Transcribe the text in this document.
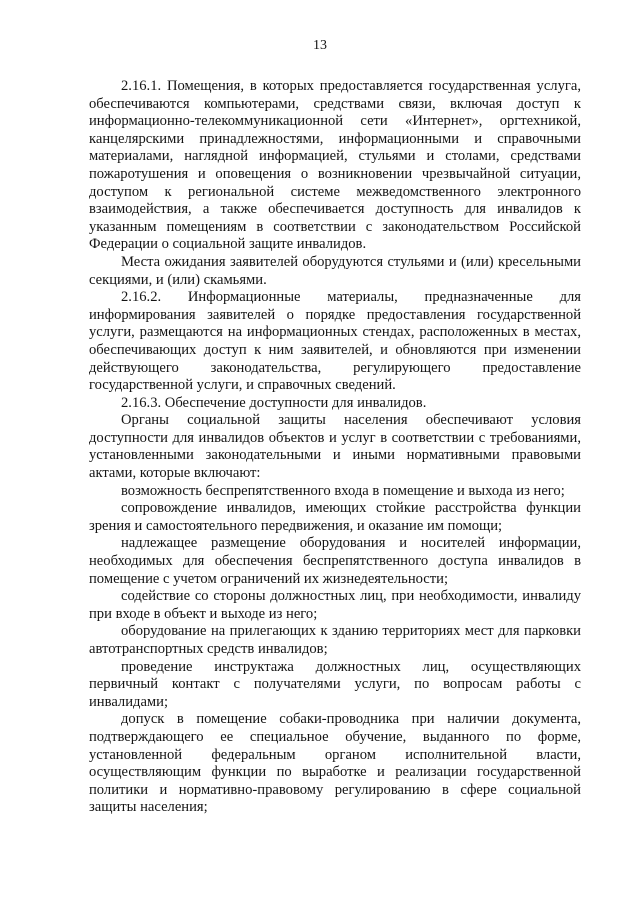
13

2.16.1. Помещения, в которых предоставляется государственная услуга, обеспечиваются компьютерами, средствами связи, включая доступ к информационно-телекоммуникационной сети «Интернет», оргтехникой, канцелярскими принадлежностями, информационными и справочными материалами, наглядной информацией, стульями и столами, средствами пожаротушения и оповещения о возникновении чрезвычайной ситуации, доступом к региональной системе межведомственного электронного взаимодействия, а также обеспечивается доступность для инвалидов к указанным помещениям в соответствии с законодательством Российской Федерации о социальной защите инвалидов.

Места ожидания заявителей оборудуются стульями и (или) кресельными секциями, и (или) скамьями.

2.16.2. Информационные материалы, предназначенные для информирования заявителей о порядке предоставления государственной услуги, размещаются на информационных стендах, расположенных в местах, обеспечивающих доступ к ним заявителей, и обновляются при изменении действующего законодательства, регулирующего предоставление государственной услуги, и справочных сведений.

2.16.3. Обеспечение доступности для инвалидов.

Органы социальной защиты населения обеспечивают условия доступности для инвалидов объектов и услуг в соответствии с требованиями, установленными законодательными и иными нормативными правовыми актами, которые включают:

возможность беспрепятственного входа в помещение и выхода из него;

сопровождение инвалидов, имеющих стойкие расстройства функции зрения и самостоятельного передвижения, и оказание им помощи;

надлежащее размещение оборудования и носителей информации, необходимых для обеспечения беспрепятственного доступа инвалидов в помещение с учетом ограничений их жизнедеятельности;

содействие со стороны должностных лиц, при необходимости, инвалиду при входе в объект и выходе из него;

оборудование на прилегающих к зданию территориях мест для парковки автотранспортных средств инвалидов;

проведение инструктажа должностных лиц, осуществляющих первичный контакт с получателями услуги, по вопросам работы с инвалидами;

допуск в помещение собаки-проводника при наличии документа, подтверждающего ее специальное обучение, выданного по форме, установленной федеральным органом исполнительной власти, осуществляющим функции по выработке и реализации государственной политики и нормативно-правовому регулированию в сфере социальной защиты населения;
